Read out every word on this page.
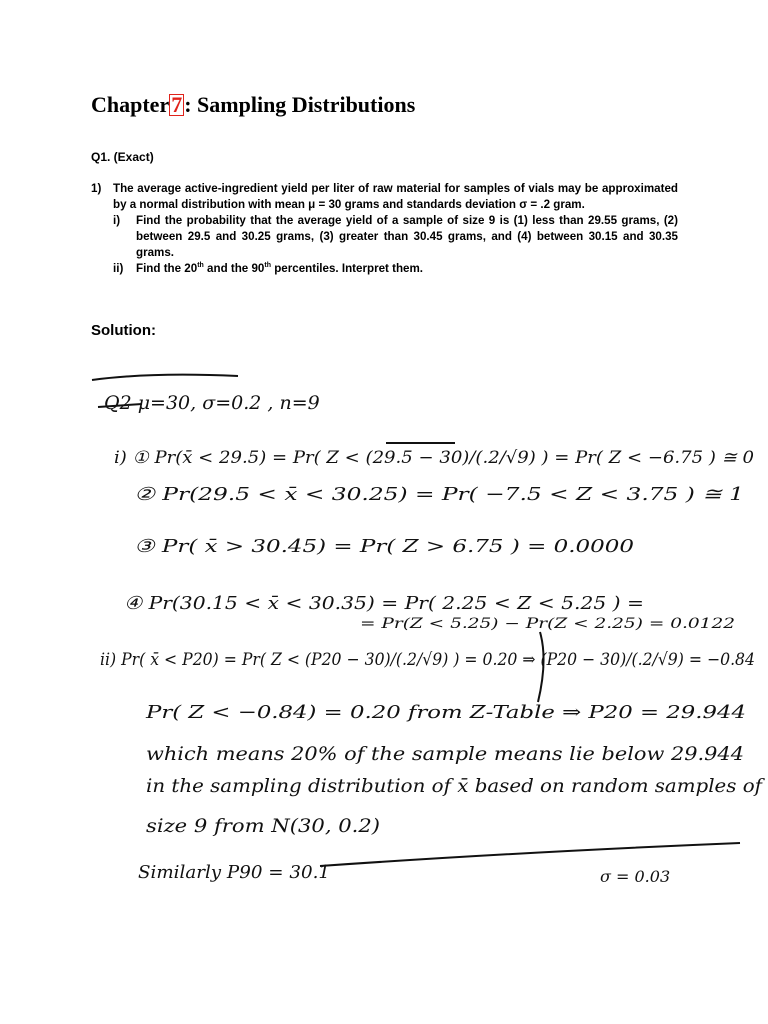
Chapter7: Sampling Distributions

Q1. (Exact)

1)	The average active-ingredient yield per liter of raw material for samples of vials may be approximated by a normal distribution with mean μ = 30 grams and standards deviation σ = .2 gram.
i)	Find the probability that the average yield of a sample of size 9 is (1) less than 29.55 grams, (2) between 29.5 and 30.25 grams, (3) greater than 30.45 grams, and (4) between 30.15 and 30.35 grams.
ii)	Find the 20th and the 90th percentiles. Interpret them.

Solution:

Q2 μ=30, σ=0.2 , n=9
i) ① Pr(x̄ < 29.5) = Pr( Z < (29.5 − 30)/(.2/√9) ) = Pr( Z < −6.75 ) ≅ 0
② Pr(29.5 < x̄ < 30.25) = Pr( −7.5 < Z < 3.75 ) ≅ 1
③ Pr( x̄ > 30.45) = Pr( Z > 6.75 ) = 0.0000
④ Pr(30.15 < x̄ < 30.35) = Pr( 2.25 < Z < 5.25 ) =
= Pr(Z < 5.25) − Pr(Z < 2.25) = 0.0122
ii) Pr( x̄ < P20) = Pr( Z < (P20 − 30)/(.2/√9) ) = 0.20 ⇒ (P20 − 30)/(.2/√9) = −0.84
Pr( Z < −0.84) = 0.20 from Z-Table ⇒ P20 = 29.944
which means 20% of the sample means lie below 29.944
in the sampling distribution of x̄ based on random samples of
size 9 from N(30, 0.2)
Similarly P90 = 30.1	σ = 0.03
